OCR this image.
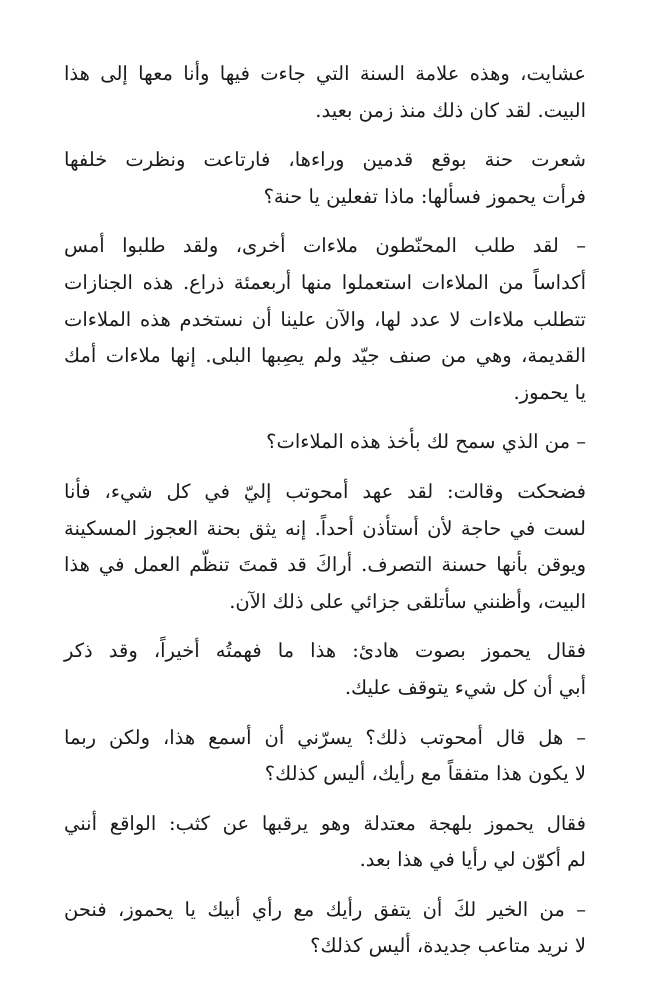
عشايت، وهذه علامة السنة التي جاءت فيها وأنا معها إلى هذا
البيت. لقد كان ذلك منذ زمن بعيد.
شعرت حنة بوقع قدمين وراءها، فارتاعت ونظرت خلفها
فرأت يحموز فسألها: ماذا تفعلين يا حنة؟
– لقد طلب المحنّطون ملاءات أخرى، ولقد طلبوا أمس
أكداساً من الملاءات استعملوا منها أربعمئة ذراع. هذه الجنازات
تتطلب ملاءات لا عدد لها، والآن علينا أن نستخدم هذه الملاءات
القديمة، وهي من صنف جيّد ولم يصِبها البلى. إنها ملاءات أمك
يا يحموز.
– من الذي سمح لك بأخذ هذه الملاءات؟
فضحكت وقالت: لقد عهد أمحوتب إليّ في كل شيء، فأنا
لست في حاجة لأن أستأذن أحداً. إنه يثق بحنة العجوز المسكينة
ويوقن بأنها حسنة التصرف. أراكَ قد قمتَ تنظّم العمل في هذا
البيت، وأظنني سأتلقى جزائي على ذلك الآن.
فقال يحموز بصوت هادئ: هذا ما فهمتُه أخيراً، وقد ذكر
أبي أن كل شيء يتوقف عليك.
– هل قال أمحوتب ذلك؟ يسرّني أن أسمع هذا، ولكن ربما
لا يكون هذا متفقاً مع رأيك، أليس كذلك؟
فقال يحموز بلهجة معتدلة وهو يرقبها عن كثب: الواقع أنني
لم أكوّن لي رأيا في هذا بعد.
– من الخير لكَ أن يتفق رأيك مع رأي أبيك يا يحموز، فنحن
لا نريد متاعب جديدة، أليس كذلك؟
